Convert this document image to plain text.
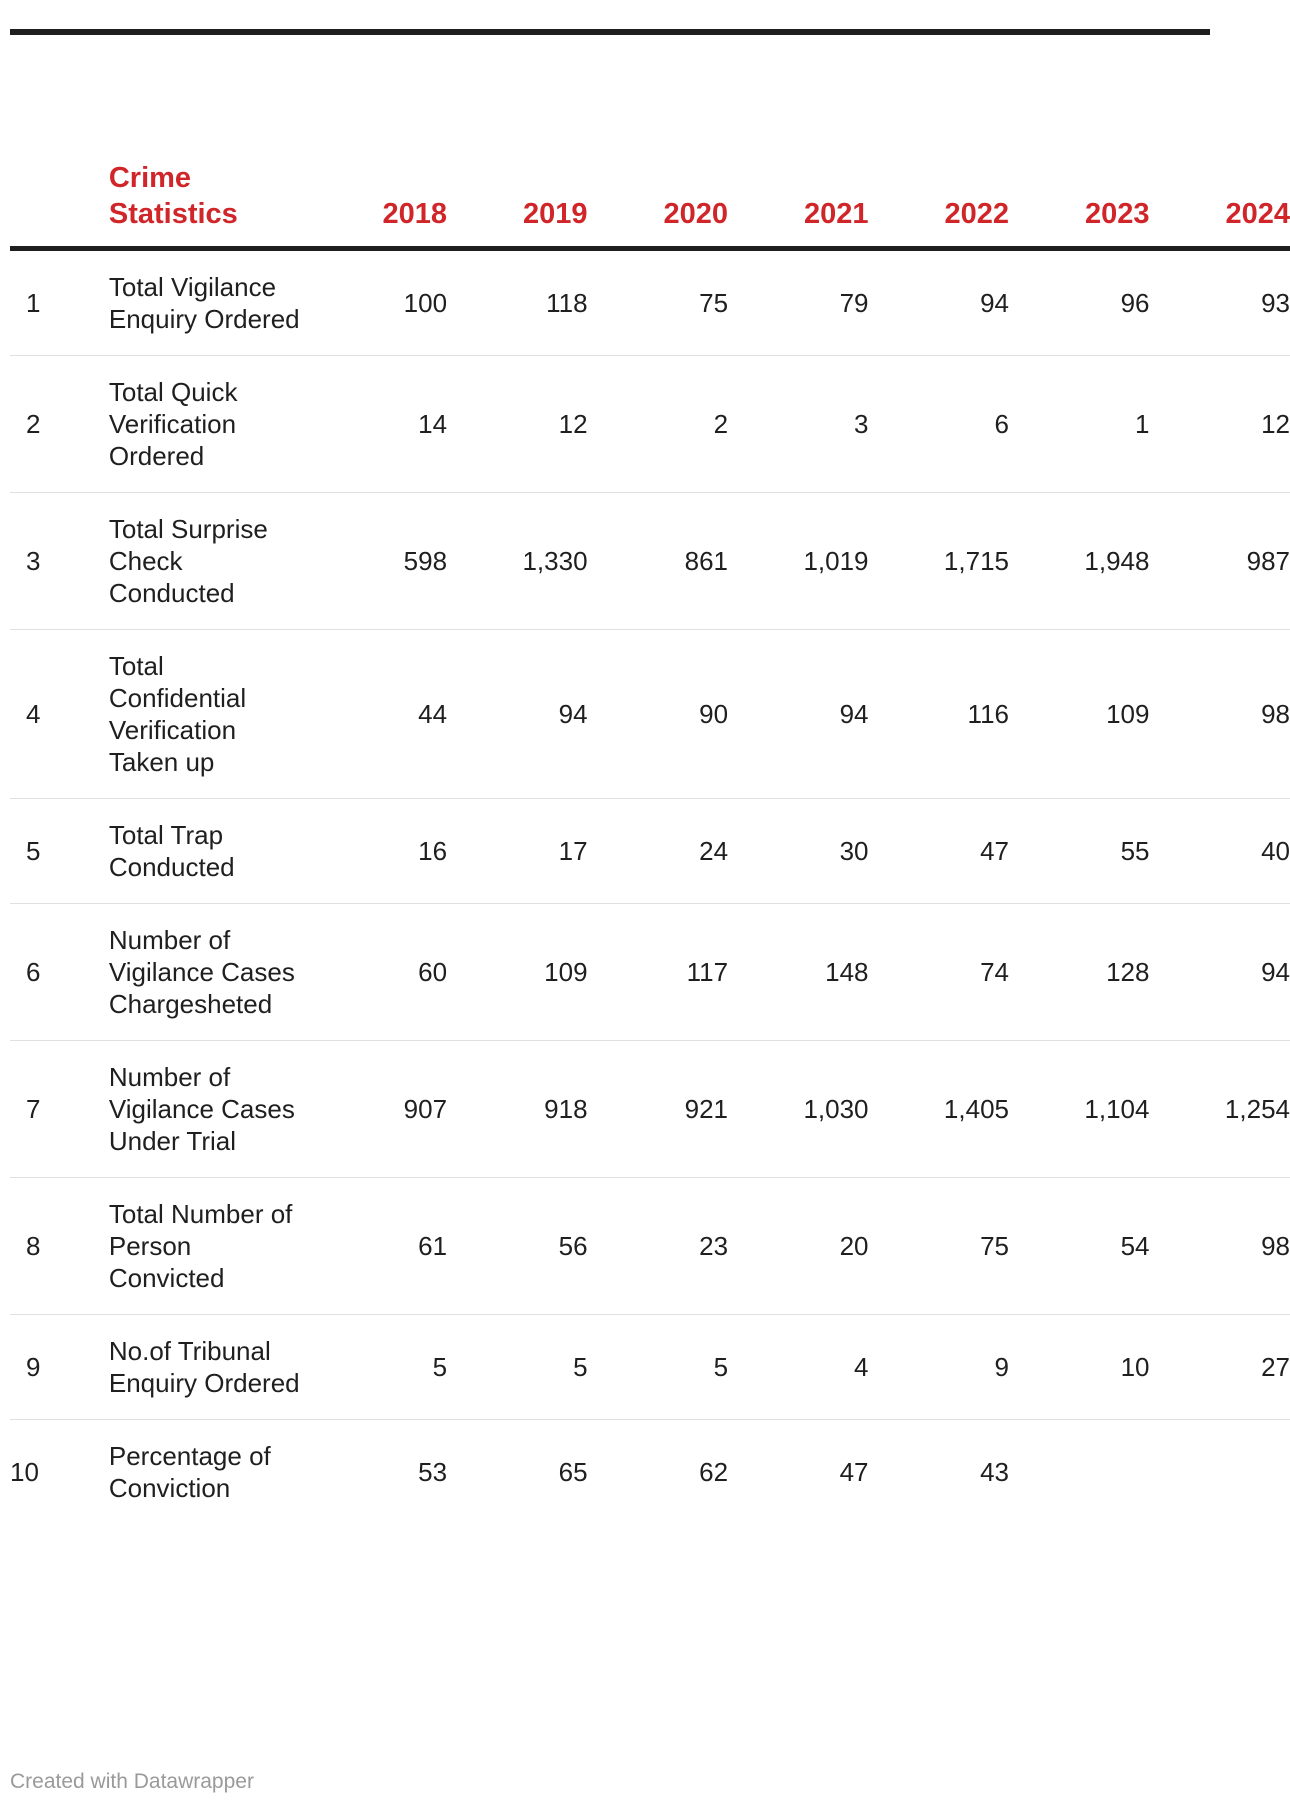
	Crime Statistics	2018	2019	2020	2021	2022	2023	2024
1	Total Vigilance Enquiry Ordered	100	118	75	79	94	96	93
2	Total Quick Verification Ordered	14	12	2	3	6	1	12
3	Total Surprise Check Conducted	598	1,330	861	1,019	1,715	1,948	987
4	Total Confidential Verification Taken up	44	94	90	94	116	109	98
5	Total Trap Conducted	16	17	24	30	47	55	40
6	Number of Vigilance Cases Chargesheted	60	109	117	148	74	128	94
7	Number of Vigilance Cases Under Trial	907	918	921	1,030	1,405	1,104	1,254
8	Total Number of Person Convicted	61	56	23	20	75	54	98
9	No.of Tribunal Enquiry Ordered	5	5	5	4	9	10	27
10	Percentage of Conviction	53	65	62	47	43		
Created with Datawrapper
